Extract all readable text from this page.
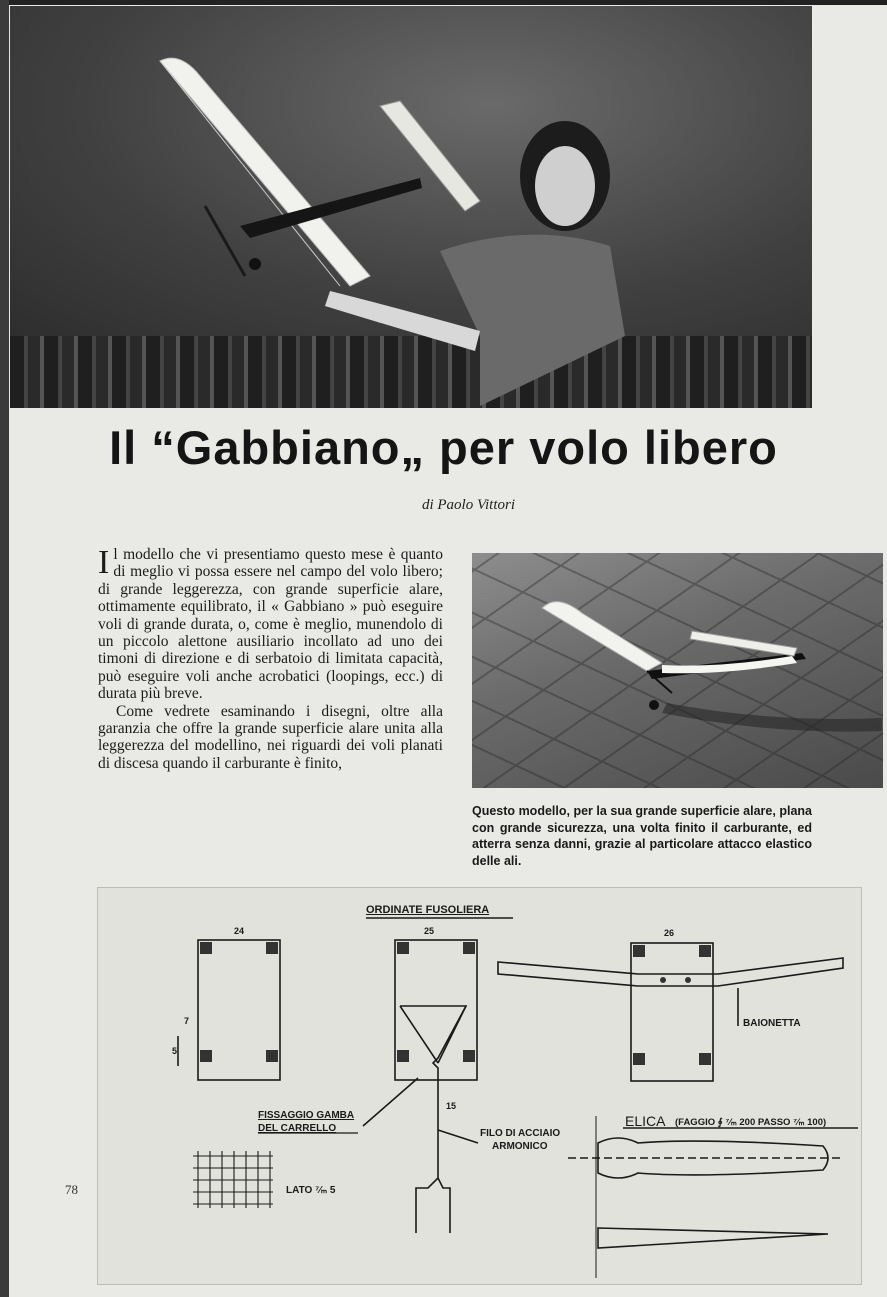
Il “Gabbiano„ per volo libero
di Paolo Vittori

Il modello che vi presentiamo questo mese è quanto di meglio vi possa essere nel campo del volo libero; di grande leggerezza, con grande superficie alare, ottimamente equilibrato, il « Gabbiano » può eseguire voli di grande durata, o, come è meglio, munendolo di un piccolo alettone ausiliario incollato ad uno dei timoni di direzione e di serbatoio di limitata capacità, può eseguire voli anche acrobatici (loopings, ecc.) di durata più breve.

Come vedrete esaminando i disegni, oltre alla garanzia che offre la grande superficie alare unita alla leggerezza del modellino, nei riguardi dei voli planati di discesa quando il carburante è finito,

Questo modello, per la sua grande superficie alare, plana con grande sicurezza, una volta finito il carburante, ed atterra senza danni, grazie al particolare attacco elastico delle ali.
ORDINATE FUSOLIERA
24	25	26
7
5
15
BAIONETTA
FISSAGGIO GAMBA
DEL CARRELLO	FILO DI ACCIAIO
ARMONICO
ELICA (FAGGIO ∮ ⁷⁄ₘ 200 PASSO ⁷⁄ₘ 100)
LATO ⁷⁄ₘ 5
78
